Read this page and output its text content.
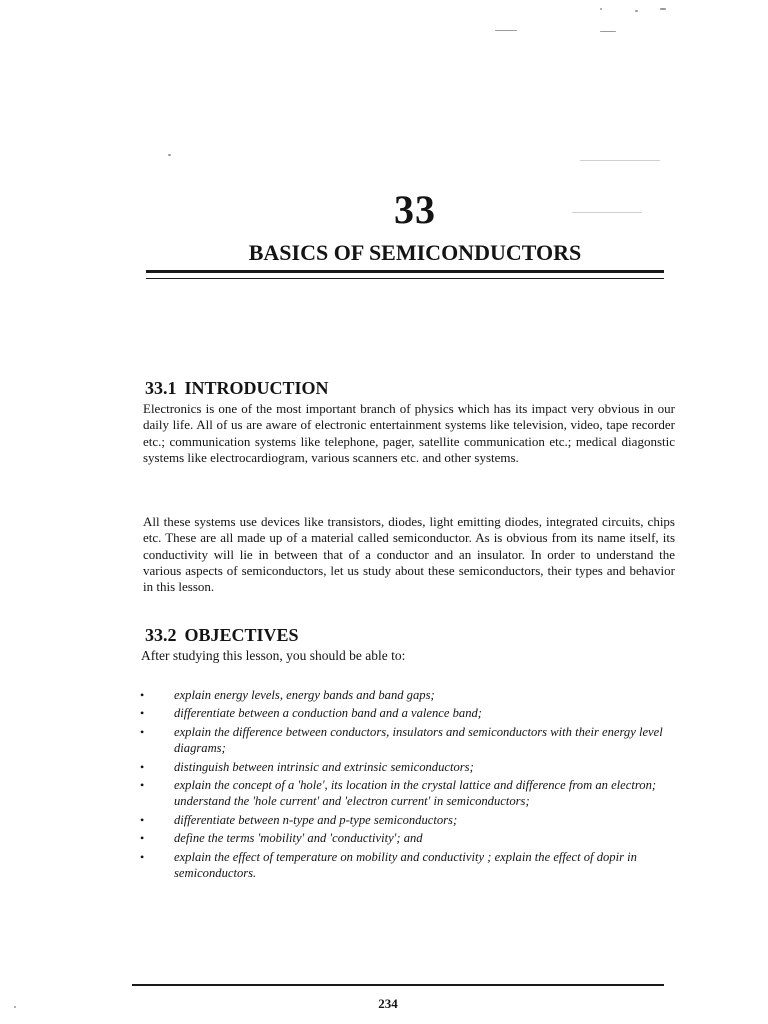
33
BASICS OF SEMICONDUCTORS
33.1 INTRODUCTION

Electronics is one of the most important branch of physics which has its impact very obvious in our daily life. All of us are aware of electronic entertainment systems like television, video, tape recorder etc.; communication systems like telephone, pager, satellite communication etc.; medical diagonstic systems like electrocardiogram, various scanners etc. and other systems.

All these systems use devices like transistors, diodes, light emitting diodes, integrated circuits, chips etc. These are all made up of a material called semiconductor. As is obvious from its name itself, its conductivity will lie in between that of a conductor and an insulator. In order to understand the various aspects of semiconductors, let us study about these semiconductors, their types and behavior in this lesson.

33.2 OBJECTIVES
After studying this lesson, you should be able to:
• explain energy levels, energy bands and band gaps;
• differentiate between a conduction band and a valence band;
• explain the difference between conductors, insulators and semiconductors with their energy level diagrams;
• distinguish between intrinsic and extrinsic semiconductors;
• explain the concept of a 'hole', its location in the crystal lattice and difference from an electron; understand the 'hole current' and 'electron current' in semiconductors;
• differentiate between n-type and p-type semiconductors;
• define the terms 'mobility' and 'conductivity'; and
• explain the effect of temperature on mobility and conductivity ; explain the effect of dopir in semiconductors.
234
